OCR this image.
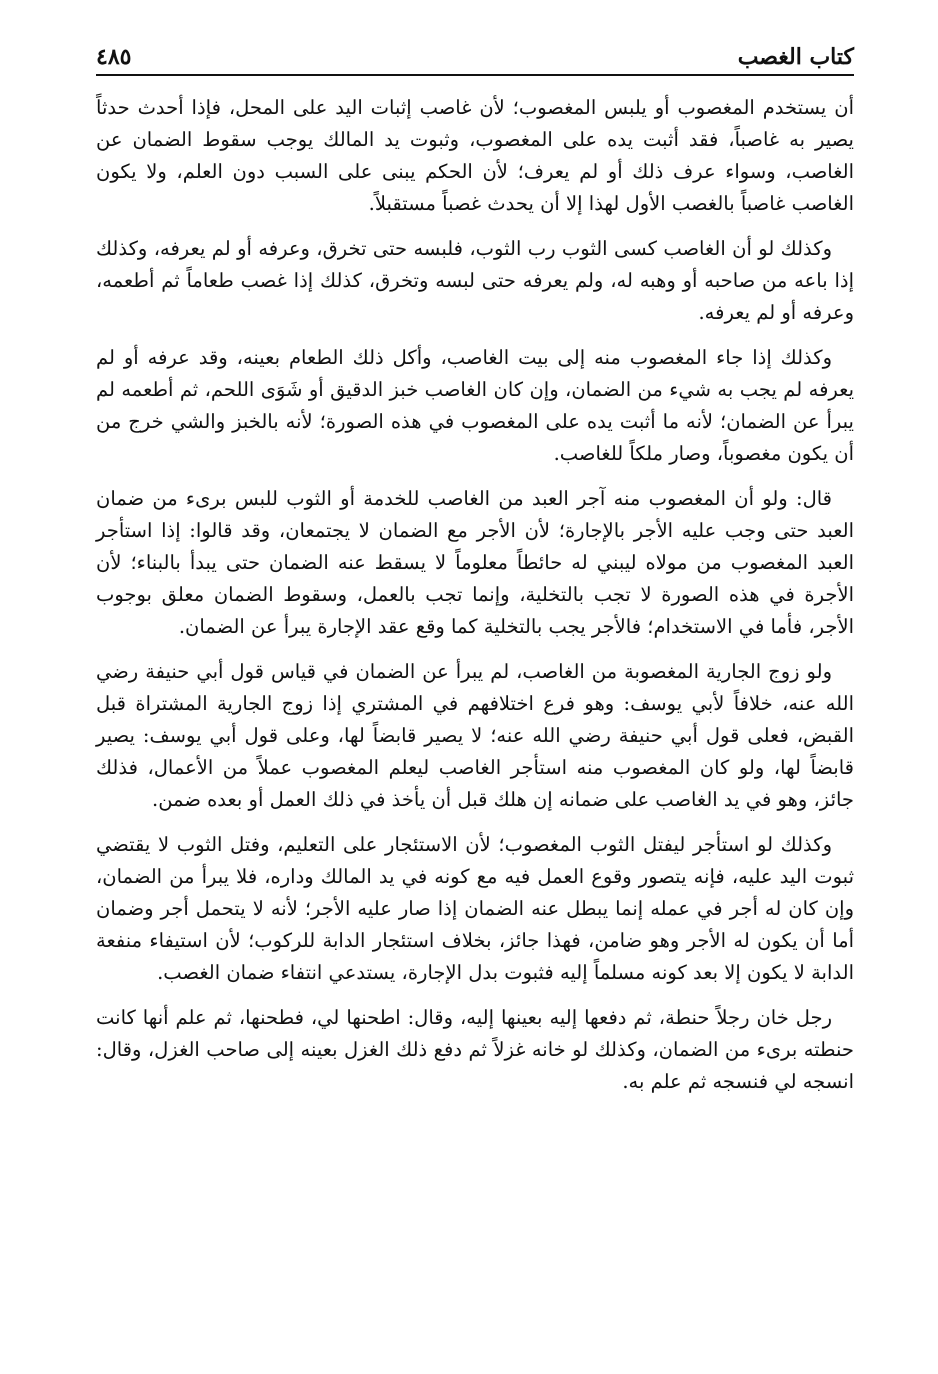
٤٨٥	كتاب الغصب

أن يستخدم المغصوب أو يلبس المغصوب؛ لأن غاصب إثبات اليد على المحل، فإذا أحدث حدثاً يصير به غاصباً، فقد أثبت يده على المغصوب، وثبوت يد المالك يوجب سقوط الضمان عن الغاصب، وسواء عرف ذلك أو لم يعرف؛ لأن الحكم يبنى على السبب دون العلم، ولا يكون الغاصب غاصباً بالغصب الأول لهذا إلا أن يحدث غصباً مستقبلاً.

وكذلك لو أن الغاصب كسى الثوب رب الثوب، فلبسه حتى تخرق، وعرفه أو لم يعرفه، وكذلك إذا باعه من صاحبه أو وهبه له، ولم يعرفه حتى لبسه وتخرق، كذلك إذا غصب طعاماً ثم أطعمه، وعرفه أو لم يعرفه.

وكذلك إذا جاء المغصوب منه إلى بيت الغاصب، وأكل ذلك الطعام بعينه، وقد عرفه أو لم يعرفه لم يجب به شيء من الضمان، وإن كان الغاصب خبز الدقيق أو شَوَى اللحم، ثم أطعمه لم يبرأ عن الضمان؛ لأنه ما أثبت يده على المغصوب في هذه الصورة؛ لأنه بالخبز والشي خرج من أن يكون مغصوباً، وصار ملكاً للغاصب.

قال: ولو أن المغصوب منه آجر العبد من الغاصب للخدمة أو الثوب للبس برىء من ضمان العبد حتى وجب عليه الأجر بالإجارة؛ لأن الأجر مع الضمان لا يجتمعان، وقد قالوا: إذا استأجر العبد المغصوب من مولاه ليبني له حائطاً معلوماً لا يسقط عنه الضمان حتى يبدأ بالبناء؛ لأن الأجرة في هذه الصورة لا تجب بالتخلية، وإنما تجب بالعمل، وسقوط الضمان معلق بوجوب الأجر، فأما في الاستخدام؛ فالأجر يجب بالتخلية كما وقع عقد الإجارة يبرأ عن الضمان.

ولو زوج الجارية المغصوبة من الغاصب، لم يبرأ عن الضمان في قياس قول أبي حنيفة رضي الله عنه، خلافاً لأبي يوسف: وهو فرع اختلافهم في المشتري إذا زوج الجارية المشتراة قبل القبض، فعلى قول أبي حنيفة رضي الله عنه؛ لا يصير قابضاً لها، وعلى قول أبي يوسف: يصير قابضاً لها، ولو كان المغصوب منه استأجر الغاصب ليعلم المغصوب عملاً من الأعمال، فذلك جائز، وهو في يد الغاصب على ضمانه إن هلك قبل أن يأخذ في ذلك العمل أو بعده ضمن.

وكذلك لو استأجر ليفتل الثوب المغصوب؛ لأن الاستئجار على التعليم، وفتل الثوب لا يقتضي ثبوت اليد عليه، فإنه يتصور وقوع العمل فيه مع كونه في يد المالك وداره، فلا يبرأ من الضمان، وإن كان له أجر في عمله إنما يبطل عنه الضمان إذا صار عليه الأجر؛ لأنه لا يتحمل أجر وضمان أما أن يكون له الأجر وهو ضامن، فهذا جائز، بخلاف استئجار الدابة للركوب؛ لأن استيفاء منفعة الدابة لا يكون إلا بعد كونه مسلماً إليه فثبوت بدل الإجارة، يستدعي انتفاء ضمان الغصب.

رجل خان رجلاً حنطة، ثم دفعها إليه بعينها إليه، وقال: اطحنها لي، فطحنها، ثم علم أنها كانت حنطته برىء من الضمان، وكذلك لو خانه غزلاً ثم دفع ذلك الغزل بعينه إلى صاحب الغزل، وقال: انسجه لي فنسجه ثم علم به.
